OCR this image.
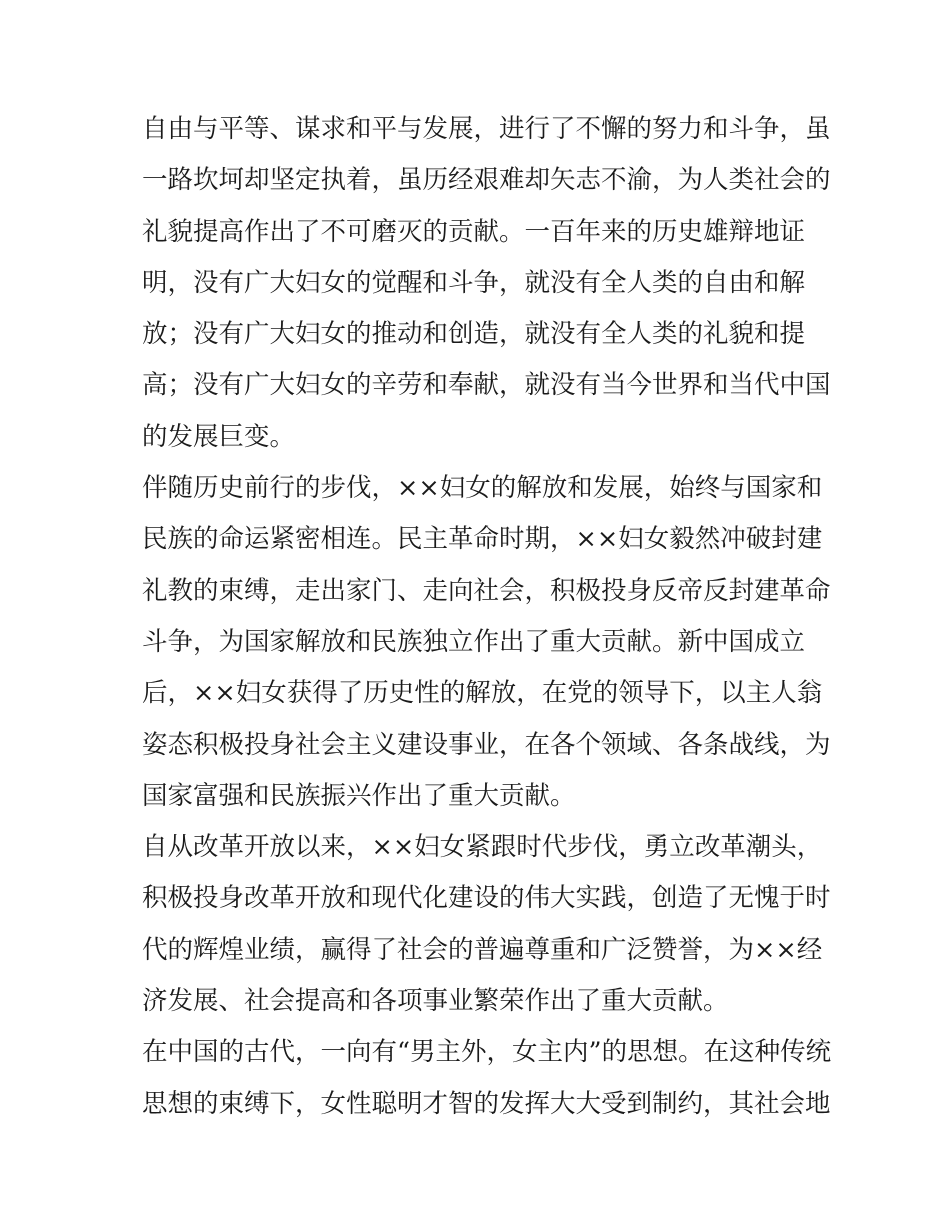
自由与平等、谋求和平与发展，进行了不懈的努力和斗争，虽
一路坎坷却坚定执着，虽历经艰难却矢志不渝，为人类社会的
礼貌提高作出了不可磨灭的贡献。一百年来的历史雄辩地证
明，没有广大妇女的觉醒和斗争，就没有全人类的自由和解
放；没有广大妇女的推动和创造，就没有全人类的礼貌和提
高；没有广大妇女的辛劳和奉献，就没有当今世界和当代中国
的发展巨变。
伴随历史前行的步伐，××妇女的解放和发展，始终与国家和
民族的命运紧密相连。民主革命时期，××妇女毅然冲破封建
礼教的束缚，走出家门、走向社会，积极投身反帝反封建革命
斗争，为国家解放和民族独立作出了重大贡献。新中国成立
后，××妇女获得了历史性的解放，在党的领导下，以主人翁
姿态积极投身社会主义建设事业，在各个领域、各条战线，为
国家富强和民族振兴作出了重大贡献。
自从改革开放以来，××妇女紧跟时代步伐，勇立改革潮头，
积极投身改革开放和现代化建设的伟大实践，创造了无愧于时
代的辉煌业绩，赢得了社会的普遍尊重和广泛赞誉，为××经
济发展、社会提高和各项事业繁荣作出了重大贡献。
在中国的古代，一向有“男主外，女主内”的思想。在这种传统
思想的束缚下，女性聪明才智的发挥大大受到制约，其社会地
